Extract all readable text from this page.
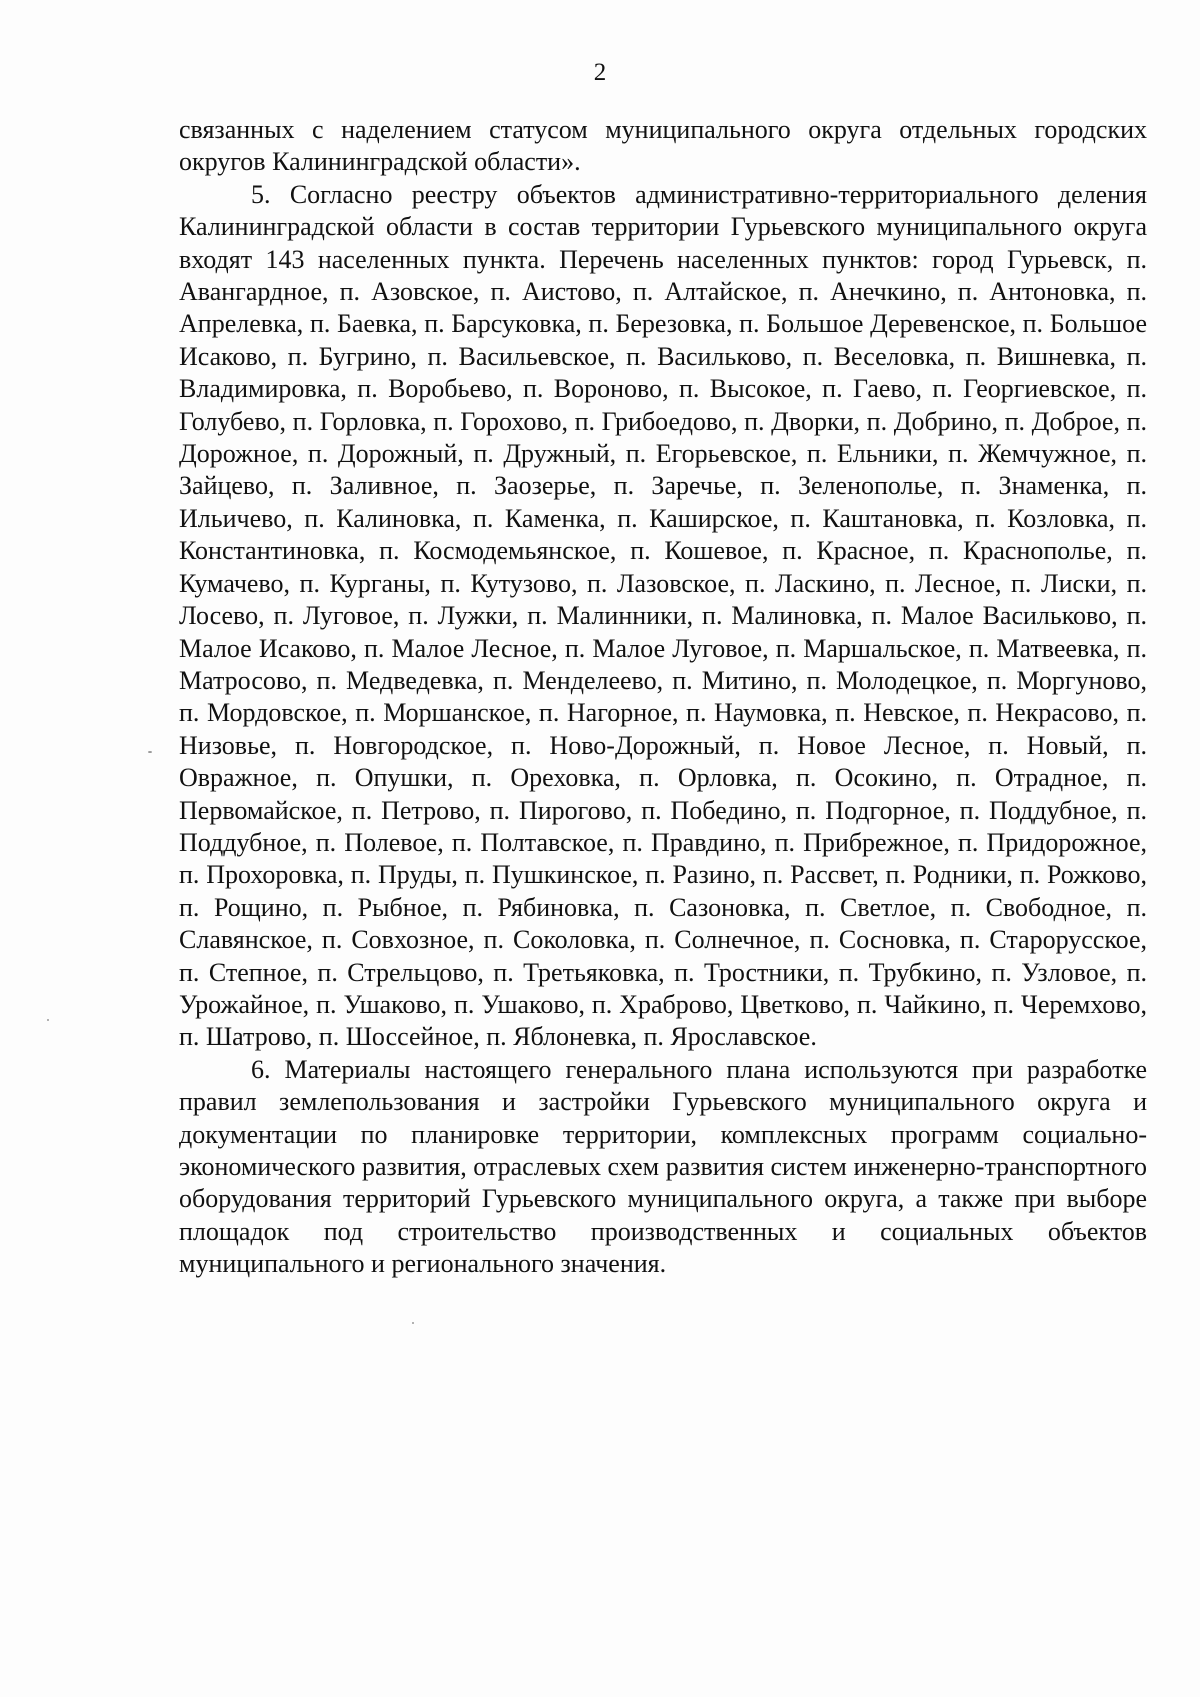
2

связанных с наделением статусом муниципального округа отдельных городских округов Калининградской области».

5. Согласно реестру объектов административно-территориального деления Калининградской области в состав территории Гурьевского муниципального округа входят 143 населенных пункта. Перечень населенных пунктов: город Гурьевск, п. Авангардное, п. Азовское, п. Аистово, п. Алтайское, п. Анечкино, п. Антоновка, п. Апрелевка, п. Баевка, п. Барсуковка, п. Березовка, п. Большое Деревенское, п. Большое Исаково, п. Бугрино, п. Васильевское, п. Васильково, п. Веселовка, п. Вишневка, п. Владимировка, п. Воробьево, п. Вороново, п. Высокое, п. Гаево, п. Георгиевское, п. Голубево, п. Горловка, п. Горохово, п. Грибоедово, п. Дворки, п. Добрино, п. Доброе, п. Дорожное, п. Дорожный, п. Дружный, п. Егорьевское, п. Ельники, п. Жемчужное, п. Зайцево, п. Заливное, п. Заозерье, п. Заречье, п. Зеленополье, п. Знаменка, п. Ильичево, п. Калиновка, п. Каменка, п. Каширское, п. Каштановка, п. Козловка, п. Константиновка, п. Космодемьянское, п. Кошевое, п. Красное, п. Краснополье, п. Кумачево, п. Курганы, п. Кутузово, п. Лазовское, п. Ласкино, п. Лесное, п. Лиски, п. Лосево, п. Луговое, п. Лужки, п. Малинники, п. Малиновка, п. Малое Васильково, п. Малое Исаково, п. Малое Лесное, п. Малое Луговое, п. Маршальское, п. Матвеевка, п. Матросово, п. Медведевка, п. Менделеево, п. Митино, п. Молодецкое, п. Моргуново, п. Мордовское, п. Моршанское, п. Нагорное, п. Наумовка, п. Невское, п. Некрасово, п. Низовье, п. Новгородское, п. Ново-Дорожный, п. Новое Лесное, п. Новый, п. Овражное, п. Опушки, п. Ореховка, п. Орловка, п. Осокино, п. Отрадное, п. Первомайское, п. Петрово, п. Пирогово, п. Победино, п. Подгорное, п. Поддубное, п. Поддубное, п. Полевое, п. Полтавское, п. Правдино, п. Прибрежное, п. Придорожное, п. Прохоровка, п. Пруды, п. Пушкинское, п. Разино, п. Рассвет, п. Родники, п. Рожково, п. Рощино, п. Рыбное, п. Рябиновка, п. Сазоновка, п. Светлое, п. Свободное, п. Славянское, п. Совхозное, п. Соколовка, п. Солнечное, п. Сосновка, п. Старорусское, п. Степное, п. Стрельцово, п. Третьяковка, п. Тростники, п. Трубкино, п. Узловое, п. Урожайное, п. Ушаково, п. Ушаково, п. Храброво, Цветково, п. Чайкино, п. Черемхово, п. Шатрово, п. Шоссейное, п. Яблоневка, п. Ярославское.

6. Материалы настоящего генерального плана используются при разработке правил землепользования и застройки Гурьевского муниципального округа и документации по планировке территории, комплексных программ социально-экономического развития, отраслевых схем развития систем инженерно-транспортного оборудования территорий Гурьевского муниципального округа, а также при выборе площадок под строительство производственных и социальных объектов муниципального и регионального значения.
